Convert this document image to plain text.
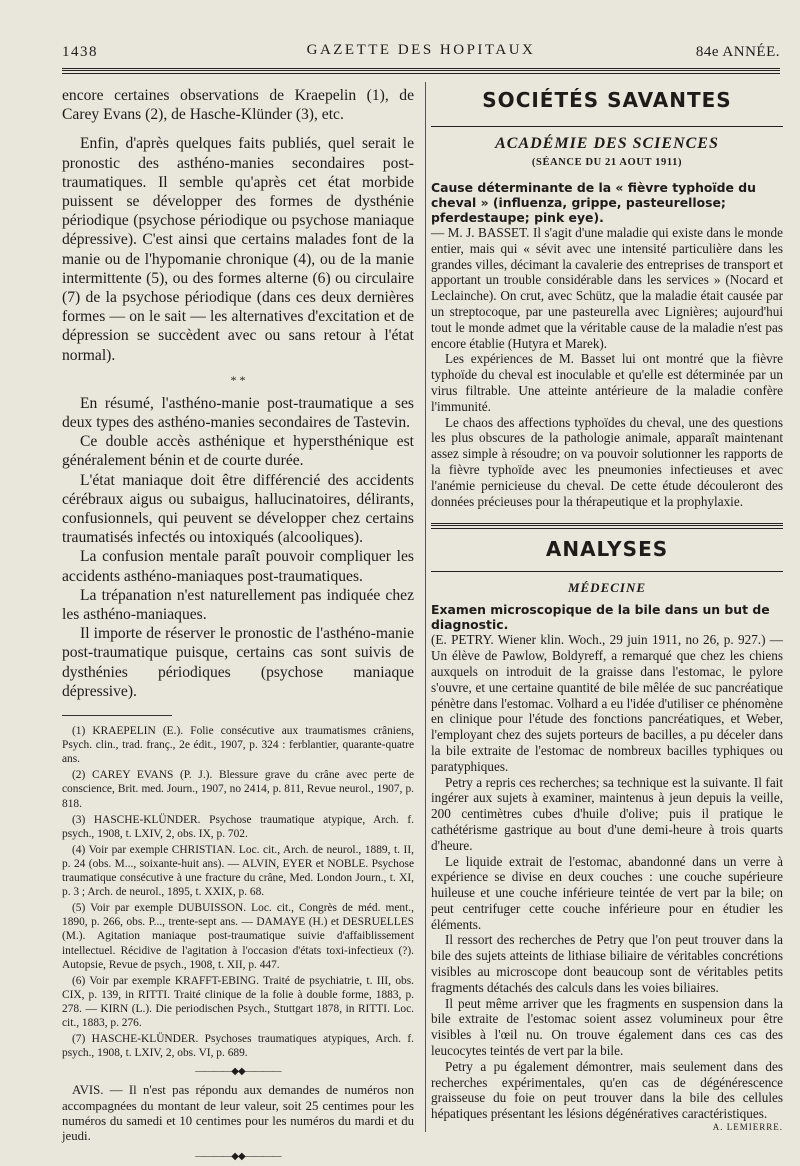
1438	GAZETTE DES HOPITAUX	84e ANNÉE.

encore certaines observations de Kraepelin (1), de Carey Evans (2), de Hasche-Klünder (3), etc.

Enfin, d'après quelques faits publiés, quel serait le pronostic des asthéno-manies secondaires post-traumatiques. Il semble qu'après cet état morbide puissent se développer des formes de dysthénie périodique (psychose périodique ou psychose maniaque dépressive). C'est ainsi que certains malades font de la manie ou de l'hypomanie chronique (4), ou de la manie intermittente (5), ou des formes alterne (6) ou circulaire (7) de la psychose périodique (dans ces deux dernières formes — on le sait — les alternatives d'excitation et de dépression se succèdent avec ou sans retour à l'état normal).

* *

En résumé, l'asthéno-manie post-traumatique a ses deux types des asthéno-manies secondaires de Tastevin.

Ce double accès asthénique et hypersthénique est généralement bénin et de courte durée.

L'état maniaque doit être différencié des accidents cérébraux aigus ou subaigus, hallucinatoires, délirants, confusionnels, qui peuvent se développer chez certains traumatisés infectés ou intoxiqués (alcooliques).

La confusion mentale paraît pouvoir compliquer les accidents asthéno-maniaques post-traumatiques.

La trépanation n'est naturellement pas indiquée chez les asthéno-maniaques.

Il importe de réserver le pronostic de l'asthéno-manie post-traumatique puisque, certains cas sont suivis de dysthénies périodiques (psychose maniaque dépressive).

(1) KRAEPELIN (E.). Folie consécutive aux traumatismes crâniens, Psych. clin., trad. franç., 2e édit., 1907, p. 324 : ferblantier, quarante-quatre ans.

(2) CAREY EVANS (P. J.). Blessure grave du crâne avec perte de conscience, Brit. med. Journ., 1907, no 2414, p. 811, Revue neurol., 1907, p. 818.

(3) HASCHE-KLÜNDER. Psychose traumatique atypique, Arch. f. psych., 1908, t. LXIV, 2, obs. IX, p. 702.

(4) Voir par exemple CHRISTIAN. Loc. cit., Arch. de neurol., 1889, t. II, p. 24 (obs. M..., soixante-huit ans). — ALVIN, EYER et NOBLE. Psychose traumatique consécutive à une fracture du crâne, Med. London Journ., t. XI, p. 3 ; Arch. de neurol., 1895, t. XXIX, p. 68.

(5) Voir par exemple DUBUISSON. Loc. cit., Congrès de méd. ment., 1890, p. 266, obs. P..., trente-sept ans. — DAMAYE (H.) et DESRUELLES (M.). Agitation maniaque post-traumatique suivie d'affaiblissement intellectuel. Récidive de l'agitation à l'occasion d'états toxi-infectieux (?). Autopsie, Revue de psych., 1908, t. XII, p. 447.

(6) Voir par exemple KRAFFT-EBING. Traité de psychiatrie, t. III, obs. CIX, p. 139, in RITTI. Traité clinique de la folie à double forme, 1883, p. 278. — KIRN (L.). Die periodischen Psych., Stuttgart 1878, in RITTI. Loc. cit., 1883, p. 276.

(7) HASCHE-KLÜNDER. Psychoses traumatiques atypiques, Arch. f. psych., 1908, t. LXIV, 2, obs. VI, p. 689.

————◆◆————

AVIS. — Il n'est pas répondu aux demandes de numéros non accompagnées du montant de leur valeur, soit 25 centimes pour les numéros du samedi et 10 centimes pour les numéros du mardi et du jeudi.

————◆◆————
SOCIÉTÉS SAVANTES
ACADÉMIE DES SCIENCES
(SÉANCE DU 21 AOUT 1911)
Cause déterminante de la « fièvre typhoïde du cheval » (influenza, grippe, pasteurellose; pferdestaupe; pink eye).

— M. J. BASSET. Il s'agit d'une maladie qui existe dans le monde entier, mais qui « sévit avec une intensité particulière dans les grandes villes, décimant la cavalerie des entreprises de transport et apportant un trouble considérable dans les services » (Nocard et Leclainche). On crut, avec Schütz, que la maladie était causée par un streptocoque, par une pasteurella avec Lignières; aujourd'hui tout le monde admet que la véritable cause de la maladie n'est pas encore établie (Hutyra et Marek).

Les expériences de M. Basset lui ont montré que la fièvre typhoïde du cheval est inoculable et qu'elle est déterminée par un virus filtrable. Une atteinte antérieure de la maladie confère l'immunité.

Le chaos des affections typhoïdes du cheval, une des questions les plus obscures de la pathologie animale, apparaît maintenant assez simple à résoudre; on va pouvoir solutionner les rapports de la fièvre typhoïde avec les pneumonies infectieuses et avec l'anémie pernicieuse du cheval. De cette étude découleront des données précieuses pour la thérapeutique et la prophylaxie.

ANALYSES
MÉDECINE
Examen microscopique de la bile dans un but de diagnostic.

(E. PETRY. Wiener klin. Woch., 29 juin 1911, no 26, p. 927.) — Un élève de Pawlow, Boldyreff, a remarqué que chez les chiens auxquels on introduit de la graisse dans l'estomac, le pylore s'ouvre, et une certaine quantité de bile mêlée de suc pancréatique pénètre dans l'estomac. Volhard a eu l'idée d'utiliser ce phénomène en clinique pour l'étude des fonctions pancréatiques, et Weber, l'employant chez des sujets porteurs de bacilles, a pu déceler dans la bile extraite de l'estomac de nombreux bacilles typhiques ou paratyphiques.

Petry a repris ces recherches; sa technique est la suivante. Il fait ingérer aux sujets à examiner, maintenus à jeun depuis la veille, 200 centimètres cubes d'huile d'olive; puis il pratique le cathétérisme gastrique au bout d'une demi-heure à trois quarts d'heure.

Le liquide extrait de l'estomac, abandonné dans un verre à expérience se divise en deux couches : une couche supérieure huileuse et une couche inférieure teintée de vert par la bile; on peut centrifuger cette couche inférieure pour en étudier les éléments.

Il ressort des recherches de Petry que l'on peut trouver dans la bile des sujets atteints de lithiase biliaire de véritables concrétions visibles au microscope dont beaucoup sont de véritables petits fragments détachés des calculs dans les voies biliaires.

Il peut même arriver que les fragments en suspension dans la bile extraite de l'estomac soient assez volumineux pour être visibles à l'œil nu. On trouve également dans ces cas des leucocytes teintés de vert par la bile.

Petry a pu également démontrer, mais seulement dans des recherches expérimentales, qu'en cas de dégénérescence graisseuse du foie on peut trouver dans la bile des cellules hépatiques présentant les lésions dégénératives caractéristiques.

A. LEMIERRE.
